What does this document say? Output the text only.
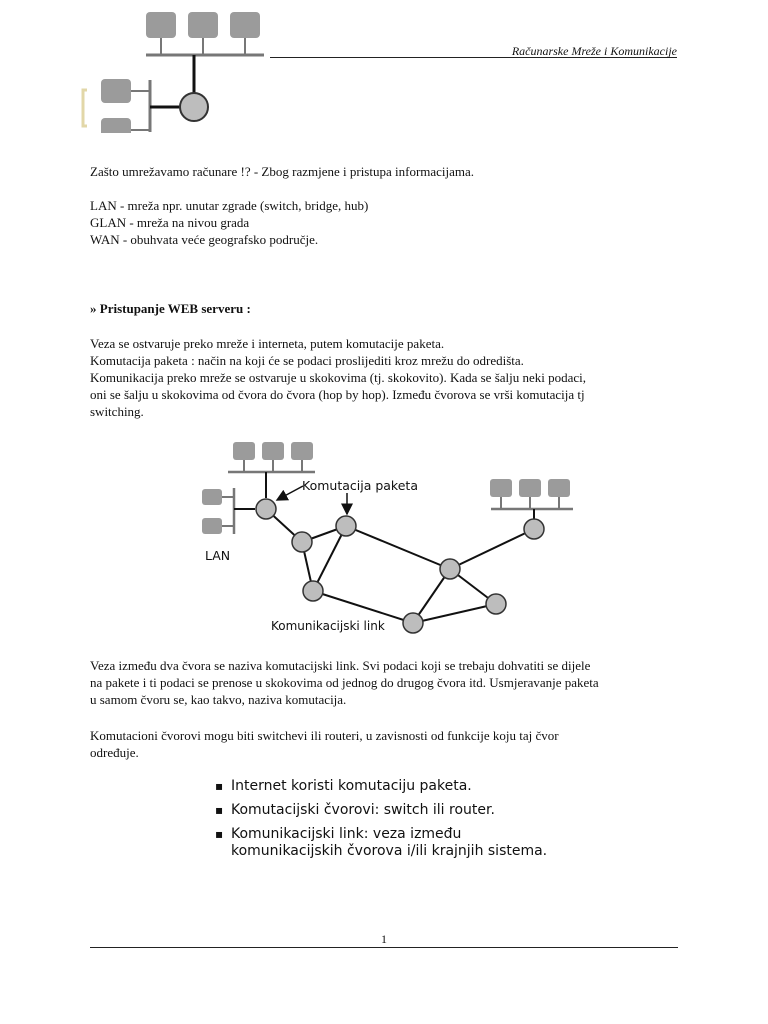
Računarske Mreže i Komunikacije
Zašto umrežavamo računare !? - Zbog razmjene i pristupa informacijama.
LAN - mreža npr. unutar zgrade (switch, bridge, hub)
GLAN - mreža na nivou grada
WAN - obuhvata veće geografsko područje.
» Pristupanje WEB serveru :
Veza se ostvaruje preko mreže i interneta, putem komutacije paketa.
Komutacija paketa : način na koji će se podaci proslijediti kroz mrežu do odredišta.
Komunikacija preko mreže se ostvaruje u skokovima (tj. skokovito). Kada se šalju neki podaci,
oni se šalju u skokovima od čvora do čvora (hop by hop). Između čvorova se vrši komutacija tj
switching.
Komutacija paketa
LAN
Komunikacijski link
Veza između dva čvora se naziva komutacijski link. Svi podaci koji se trebaju dohvatiti se dijele
na pakete i ti podaci se prenose u skokovima od jednog do drugog čvora itd. Usmjeravanje paketa
u samom čvoru se, kao takvo, naziva komutacija.
Komutacioni čvorovi mogu biti switchevi ili routeri, u zavisnosti od funkcije koju taj čvor
određuje.
▪ Internet koristi komutaciju paketa.
▪ Komutacijski čvorovi: switch ili router.
▪ Komunikacijski link: veza između komunikacijskih čvorova i/ili krajnjih sistema.
1
